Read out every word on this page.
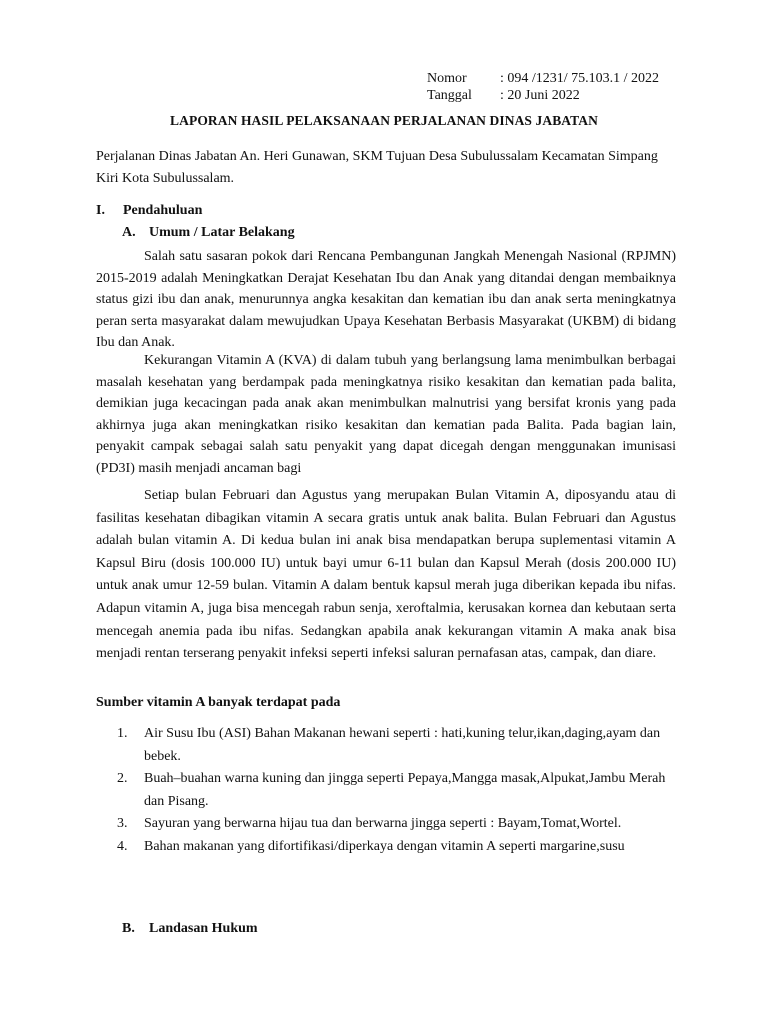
Nomor	: 094 /1231/ 75.103.1 / 2022
Tanggal	: 20 Juni 2022
LAPORAN HASIL PELAKSANAAN PERJALANAN DINAS JABATAN
Perjalanan Dinas Jabatan An. Heri Gunawan, SKM Tujuan Desa Subulussalam Kecamatan Simpang Kiri Kota Subulussalam.
I. Pendahuluan
A. Umum / Latar Belakang

Salah satu sasaran pokok dari Rencana Pembangunan Jangkah Menengah Nasional (RPJMN) 2015-2019 adalah Meningkatkan Derajat Kesehatan Ibu dan Anak yang ditandai dengan membaiknya status gizi ibu dan anak, menurunnya angka kesakitan dan kematian ibu dan anak serta meningkatnya peran serta masyarakat dalam mewujudkan Upaya Kesehatan Berbasis Masyarakat (UKBM) di bidang Ibu dan Anak.

Kekurangan Vitamin A (KVA) di dalam tubuh yang berlangsung lama menimbulkan berbagai masalah kesehatan yang berdampak pada meningkatnya risiko kesakitan dan kematian pada balita, demikian juga kecacingan pada anak akan menimbulkan malnutrisi yang bersifat kronis yang pada akhirnya juga akan meningkatkan risiko kesakitan dan kematian pada Balita. Pada bagian lain, penyakit campak sebagai salah satu penyakit yang dapat dicegah dengan menggunakan imunisasi (PD3I) masih menjadi ancaman bagi

Setiap bulan Februari dan Agustus yang merupakan Bulan Vitamin A, diposyandu atau di fasilitas kesehatan dibagikan vitamin A secara gratis untuk anak balita. Bulan Februari dan Agustus adalah bulan vitamin A. Di kedua bulan ini anak bisa mendapatkan berupa suplementasi vitamin A Kapsul Biru (dosis 100.000 IU) untuk bayi umur 6-11 bulan dan Kapsul Merah (dosis 200.000 IU) untuk anak umur 12-59 bulan. Vitamin A dalam bentuk kapsul merah juga diberikan kepada ibu nifas. Adapun vitamin A, juga bisa mencegah rabun senja, xeroftalmia, kerusakan kornea dan kebutaan serta mencegah anemia pada ibu nifas. Sedangkan apabila anak kekurangan vitamin A maka anak bisa menjadi rentan terserang penyakit infeksi seperti infeksi saluran pernafasan atas, campak, dan diare.

Sumber vitamin A banyak terdapat pada
1.	Air Susu Ibu (ASI) Bahan Makanan hewani seperti : hati,kuning telur,ikan,daging,ayam dan bebek.
2.	Buah–buahan warna kuning dan jingga seperti Pepaya,Mangga masak,Alpukat,Jambu Merah dan Pisang.
3.	Sayuran yang berwarna hijau tua dan berwarna jingga seperti : Bayam,Tomat,Wortel.
4.	Bahan makanan yang difortifikasi/diperkaya dengan vitamin A seperti margarine,susu
B. Landasan Hukum
